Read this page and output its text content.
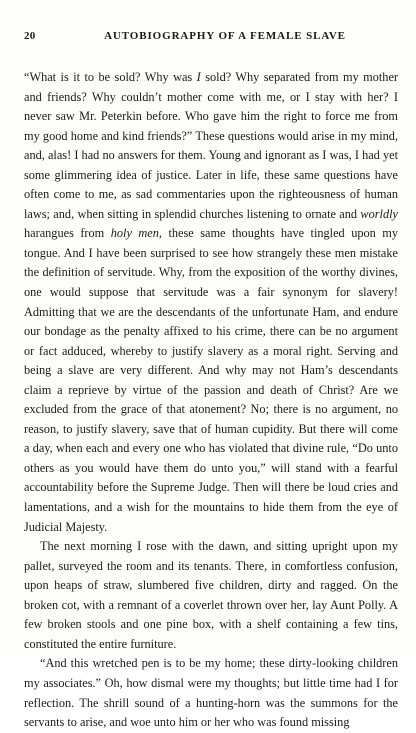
20	AUTOBIOGRAPHY OF A FEMALE SLAVE

“What is it to be sold? Why was I sold? Why separated from my mother and friends? Why couldn’t mother come with me, or I stay with her? I never saw Mr. Peterkin before. Who gave him the right to force me from my good home and kind friends?” These questions would arise in my mind, and, alas! I had no answers for them. Young and ignorant as I was, I had yet some glimmering idea of justice. Later in life, these same questions have often come to me, as sad commentaries upon the righteousness of human laws; and, when sitting in splendid churches listening to ornate and worldly harangues from holy men, these same thoughts have tingled upon my tongue. And I have been surprised to see how strangely these men mistake the definition of servitude. Why, from the exposition of the worthy divines, one would suppose that servitude was a fair synonym for slavery! Admitting that we are the descendants of the unfortunate Ham, and endure our bondage as the penalty affixed to his crime, there can be no argument or fact adduced, whereby to justify slavery as a moral right. Serving and being a slave are very different. And why may not Ham’s descendants claim a reprieve by virtue of the passion and death of Christ? Are we excluded from the grace of that atonement? No; there is no argument, no reason, to justify slavery, save that of human cupidity. But there will come a day, when each and every one who has violated that divine rule, “Do unto others as you would have them do unto you,” will stand with a fearful accountability before the Supreme Judge. Then will there be loud cries and lamentations, and a wish for the mountains to hide them from the eye of Judicial Majesty.

The next morning I rose with the dawn, and sitting upright upon my pallet, surveyed the room and its tenants. There, in comfortless confusion, upon heaps of straw, slumbered five children, dirty and ragged. On the broken cot, with a remnant of a coverlet thrown over her, lay Aunt Polly. A few broken stools and one pine box, with a shelf containing a few tins, constituted the entire furniture.

“And this wretched pen is to be my home; these dirty-looking children my associates.” Oh, how dismal were my thoughts; but little time had I for reflection. The shrill sound of a hunting-horn was the summons for the servants to arise, and woe unto him or her who was found missing
